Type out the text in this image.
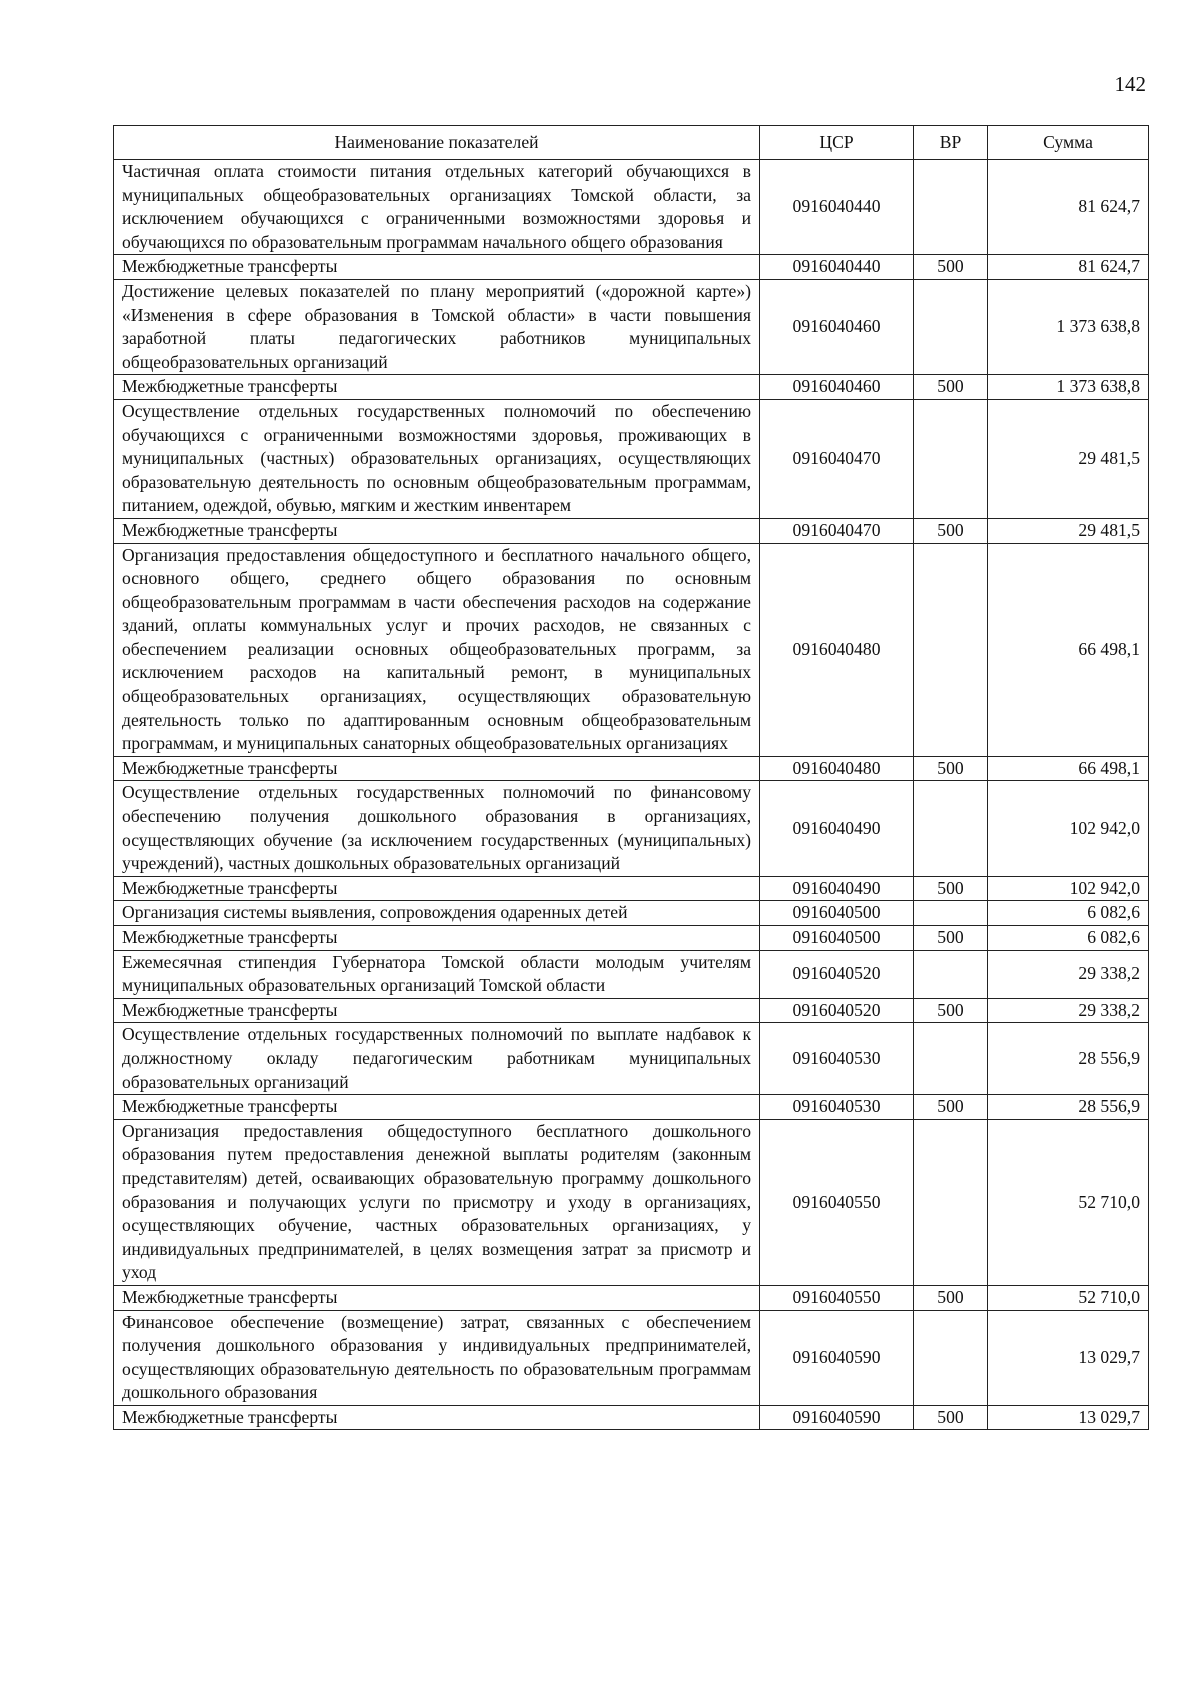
142
Наименование показателей	ЦСР	ВР	Сумма
Частичная оплата стоимости питания отдельных категорий обучающихся в муниципальных общеобразовательных организациях Томской области, за исключением обучающихся с ограниченными возможностями здоровья и обучающихся по образовательным программам начального общего образования	0916040440		81 624,7
Межбюджетные трансферты	0916040440	500	81 624,7
Достижение целевых показателей по плану мероприятий («дорожной карте») «Изменения в сфере образования в Томской области» в части повышения заработной платы педагогических работников муниципальных общеобразовательных организаций	0916040460		1 373 638,8
Межбюджетные трансферты	0916040460	500	1 373 638,8
Осуществление отдельных государственных полномочий по обеспечению обучающихся с ограниченными возможностями здоровья, проживающих в муниципальных (частных) образовательных организациях, осуществляющих образовательную деятельность по основным общеобразовательным программам, питанием, одеждой, обувью, мягким и жестким инвентарем	0916040470		29 481,5
Межбюджетные трансферты	0916040470	500	29 481,5
Организация предоставления общедоступного и бесплатного начального общего, основного общего, среднего общего образования по основным общеобразовательным программам в части обеспечения расходов на содержание зданий, оплаты коммунальных услуг и прочих расходов, не связанных с обеспечением реализации основных общеобразовательных программ, за исключением расходов на капитальный ремонт, в муниципальных общеобразовательных организациях, осуществляющих образовательную деятельность только по адаптированным основным общеобразовательным программам, и муниципальных санаторных общеобразовательных организациях	0916040480		66 498,1
Межбюджетные трансферты	0916040480	500	66 498,1
Осуществление отдельных государственных полномочий по финансовому обеспечению получения дошкольного образования в организациях, осуществляющих обучение (за исключением государственных (муниципальных) учреждений), частных дошкольных образовательных организаций	0916040490		102 942,0
Межбюджетные трансферты	0916040490	500	102 942,0
Организация системы выявления, сопровождения одаренных детей	0916040500		6 082,6
Межбюджетные трансферты	0916040500	500	6 082,6
Ежемесячная стипендия Губернатора Томской области молодым учителям муниципальных образовательных организаций Томской области	0916040520		29 338,2
Межбюджетные трансферты	0916040520	500	29 338,2
Осуществление отдельных государственных полномочий по выплате надбавок к должностному окладу педагогическим работникам муниципальных образовательных организаций	0916040530		28 556,9
Межбюджетные трансферты	0916040530	500	28 556,9
Организация предоставления общедоступного бесплатного дошкольного образования путем предоставления денежной выплаты родителям (законным представителям) детей, осваивающих образовательную программу дошкольного образования и получающих услуги по присмотру и уходу в организациях, осуществляющих обучение, частных образовательных организациях, у индивидуальных предпринимателей, в целях возмещения затрат за присмотр и уход	0916040550		52 710,0
Межбюджетные трансферты	0916040550	500	52 710,0
Финансовое обеспечение (возмещение) затрат, связанных с обеспечением получения дошкольного образования у индивидуальных предпринимателей, осуществляющих образовательную деятельность по образовательным программам дошкольного образования	0916040590		13 029,7
Межбюджетные трансферты	0916040590	500	13 029,7
